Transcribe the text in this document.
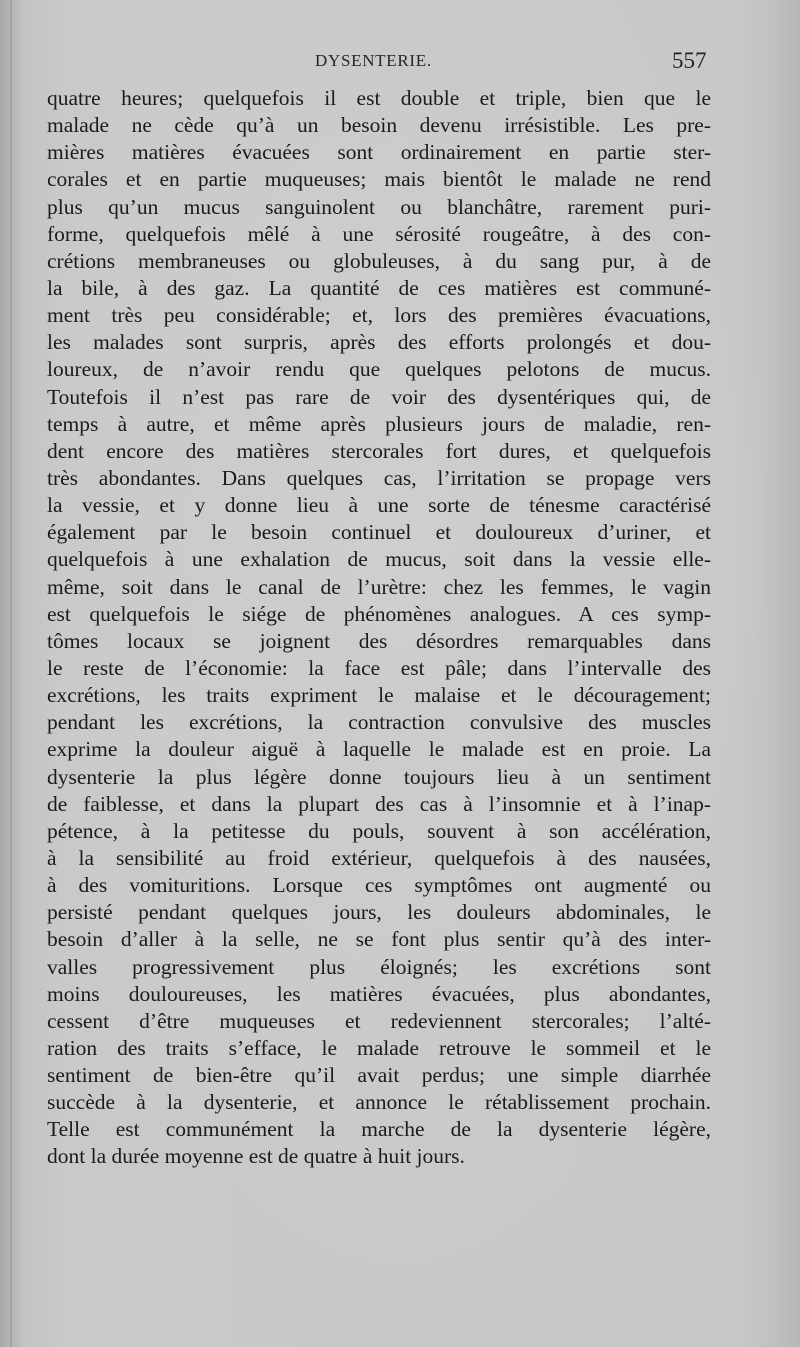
DYSENTERIE.	557
quatre heures; quelquefois il est double et triple, bien que le
malade ne cède qu’à un besoin devenu irrésistible. Les pre-
mières matières évacuées sont ordinairement en partie ster-
corales et en partie muqueuses; mais bientôt le malade ne rend
plus qu’un mucus sanguinolent ou blanchâtre, rarement puri-
forme, quelquefois mêlé à une sérosité rougeâtre, à des con-
crétions membraneuses ou globuleuses, à du sang pur, à de
la bile, à des gaz. La quantité de ces matières est communé-
ment très peu considérable; et, lors des premières évacuations,
les malades sont surpris, après des efforts prolongés et dou-
loureux, de n’avoir rendu que quelques pelotons de mucus.
Toutefois il n’est pas rare de voir des dysentériques qui, de
temps à autre, et même après plusieurs jours de maladie, ren-
dent encore des matières stercorales fort dures, et quelquefois
très abondantes. Dans quelques cas, l’irritation se propage vers
la vessie, et y donne lieu à une sorte de ténesme caractérisé
également par le besoin continuel et douloureux d’uriner, et
quelquefois à une exhalation de mucus, soit dans la vessie elle-
même, soit dans le canal de l’urètre: chez les femmes, le vagin
est quelquefois le siége de phénomènes analogues. A ces symp-
tômes locaux se joignent des désordres remarquables dans
le reste de l’économie: la face est pâle; dans l’intervalle des
excrétions, les traits expriment le malaise et le découragement;
pendant les excrétions, la contraction convulsive des muscles
exprime la douleur aiguë à laquelle le malade est en proie. La
dysenterie la plus légère donne toujours lieu à un sentiment
de faiblesse, et dans la plupart des cas à l’insomnie et à l’inap-
pétence, à la petitesse du pouls, souvent à son accélération,
à la sensibilité au froid extérieur, quelquefois à des nausées,
à des vomituritions. Lorsque ces symptômes ont augmenté ou
persisté pendant quelques jours, les douleurs abdominales, le
besoin d’aller à la selle, ne se font plus sentir qu’à des inter-
valles progressivement plus éloignés; les excrétions sont
moins douloureuses, les matières évacuées, plus abondantes,
cessent d’être muqueuses et redeviennent stercorales; l’alté-
ration des traits s’efface, le malade retrouve le sommeil et le
sentiment de bien-être qu’il avait perdus; une simple diarrhée
succède à la dysenterie, et annonce le rétablissement prochain.
Telle est communément la marche de la dysenterie légère,
dont la durée moyenne est de quatre à huit jours.
